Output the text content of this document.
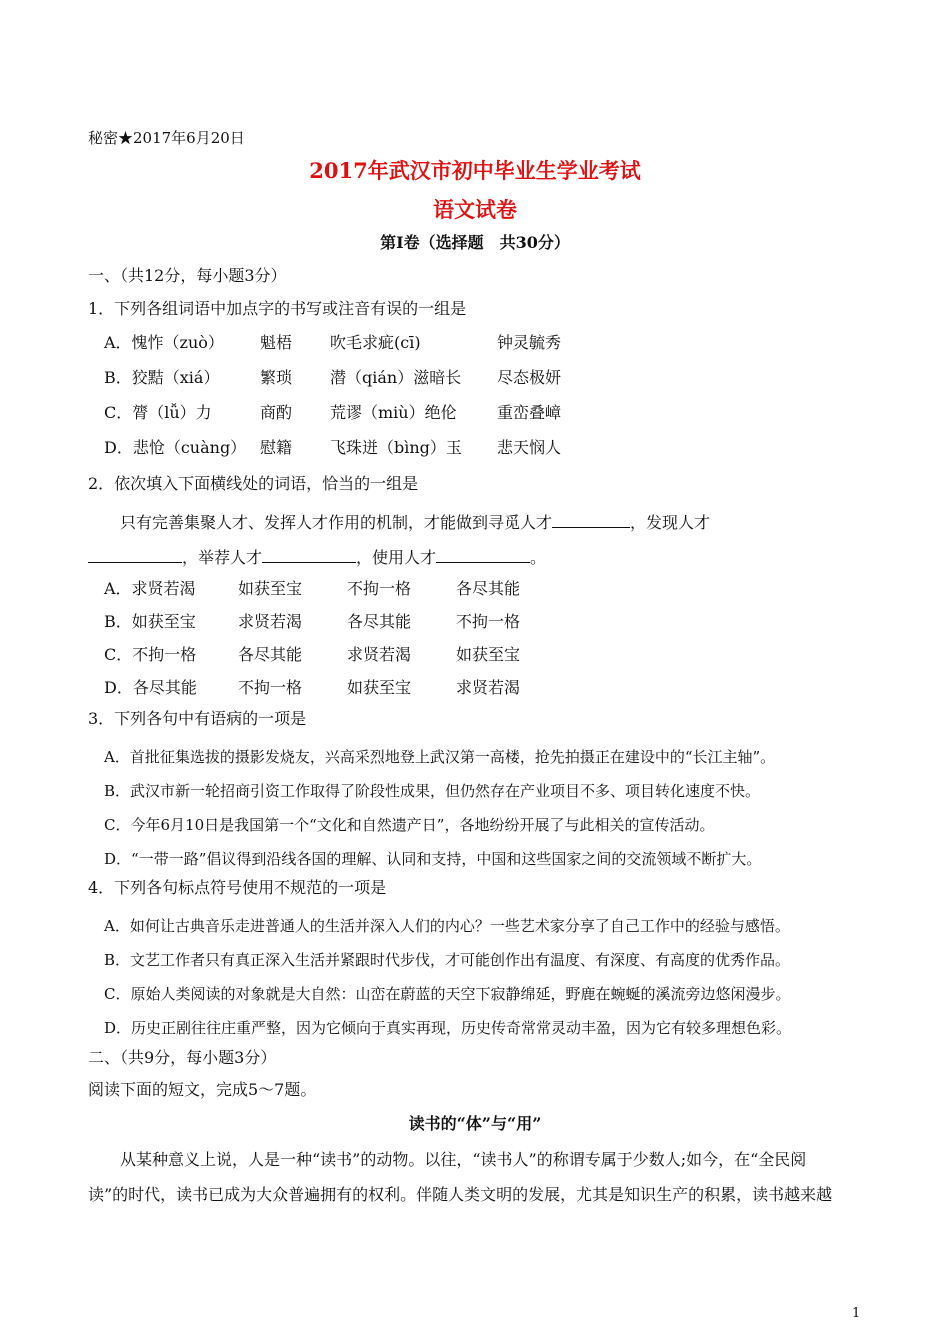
秘密★2017年6月20日
2017年武汉市初中毕业生学业考试
语文试卷
第Ⅰ卷（选择题　共30分）
一、（共12分，每小题3分）
1．下列各组词语中加点字的书写或注音有误的一组是
A．愧怍（zuò） 魁梧 吹毛求疵(cī)	钟灵毓秀
B．狡黠（xiá）	繁琐 潜（qián）滋暗长 尽态极妍
C．膂（lǚ）力	商酌 荒谬（miù）绝伦	重峦叠嶂
D．悲怆（cuàng） 慰籍 飞珠迸（bìng）玉 悲天悯人
2．依次填入下面横线处的词语，恰当的一组是
只有完善集聚人才、发挥人才作用的机制，才能做到寻觅人才	，发现人才
，举荐人才	，使用人才	。
A．求贤若渴	如获至宝	不拘一格	各尽其能
B．如获至宝	求贤若渴	各尽其能	不拘一格
C．不拘一格	各尽其能	求贤若渴	如获至宝
D．各尽其能	不拘一格	如获至宝	求贤若渴
3．下列各句中有语病的一项是
A．首批征集选拔的摄影发烧友，兴高采烈地登上武汉第一高楼，抢先拍摄正在建设中的“长江主轴”。
B．武汉市新一轮招商引资工作取得了阶段性成果，但仍然存在产业项目不多、项目转化速度不快。
C．今年6月10日是我国第一个“文化和自然遗产日”，各地纷纷开展了与此相关的宣传活动。
D．“一带一路”倡议得到沿线各国的理解、认同和支持，中国和这些国家之间的交流领域不断扩大。
4．下列各句标点符号使用不规范的一项是
A．如何让古典音乐走进普通人的生活并深入人们的内心？一些艺术家分享了自己工作中的经验与感悟。
B．文艺工作者只有真正深入生活并紧跟时代步伐，才可能创作出有温度、有深度、有高度的优秀作品。
C．原始人类阅读的对象就是大自然：山峦在蔚蓝的天空下寂静绵延，野鹿在蜿蜒的溪流旁边悠闲漫步。
D．历史正剧往往庄重严整，因为它倾向于真实再现，历史传奇常常灵动丰盈，因为它有较多理想色彩。
二、（共9分，每小题3分）
阅读下面的短文，完成5～7题。
读书的“体”与“用”
从某种意义上说，人是一种“读书”的动物。以往，“读书人”的称谓专属于少数人;如今，在“全民阅
读”的时代，读书已成为大众普遍拥有的权利。伴随人类文明的发展，尤其是知识生产的积累，读书越来越
1
